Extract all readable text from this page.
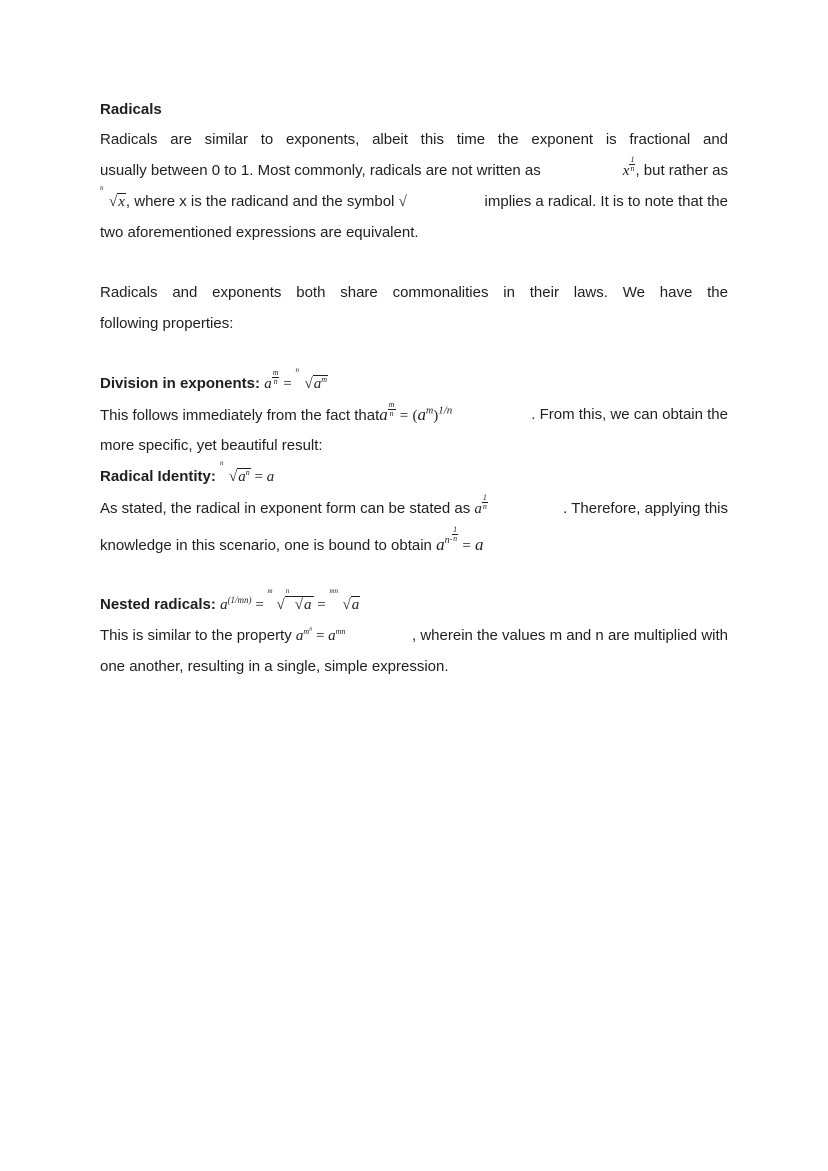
Radicals
Radicals are similar to exponents, albeit this time the exponent is fractional and
usually between 0 to 1. Most commonly, radicals are not written as	x $\frac{1}{n}$ , but rather as
n
√x, where x is the radicand and the symbol √	implies a radical. It is to note that the
two aforementioned expressions are equivalent.
Radicals and exponents both share commonalities in their laws. We have the
following properties:
Division in exponents: a $\frac{m}{n}$ =
n
$√a^m$
This follows immediately from the fact thata $\frac{m}{n} = (a^m)^{1/n}$	. From this, we can obtain the
more specific, yet beautiful result:
Radical Identity:
n
$√a^n = a$
As stated, the radical in exponent form can be stated as a $\frac{1}{n}$	. Therefore, applying this
knowledge in this scenario, one is bound to obtain $a^{n\cdot \frac{1}{n}}$
= a
Nested radicals: $a^{(1/mn)}$ =
m
√
n
√a =
mn
√a
This is similar to the property $a^{m^n} = a^{mn}$	, wherein the values m and n are multiplied with
one another, resulting in a single, simple expression.
